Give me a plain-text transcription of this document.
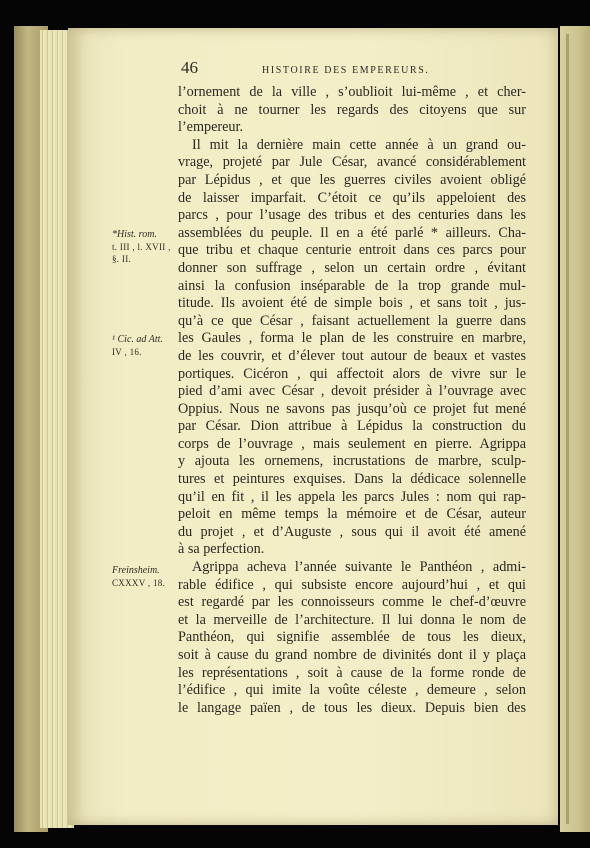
46	HISTOIRE DES EMPEREURS.
*Hist. rom.
t. III , l. XVII , §. II.
¹ Cic. ad Att.
IV , 16.
Freinsheim.
CXXXV , 18.
l’ornement de la ville , s’oublioit lui-même , et cher-
choit à ne tourner les regards des citoyens que sur
l’empereur.
Il mit la dernière main cette année à un grand ou-
vrage, projeté par Jule César, avancé considérablement
par Lépidus , et que les guerres civiles avoient obligé
de laisser imparfait. C’étoit ce qu’ils appeloient des
parcs , pour l’usage des tribus et des centuries dans les
assemblées du peuple. Il en a été parlé * ailleurs. Cha-
que tribu et chaque centurie entroit dans ces parcs pour
donner son suffrage , selon un certain ordre , évitant
ainsi la confusion inséparable de la trop grande mul-
titude. Ils avoient été de simple bois , et sans toit , jus-
qu’à ce que César , faisant actuellement la guerre dans
les Gaules , forma le plan de les construire en marbre,
de les couvrir, et d’élever tout autour de beaux et vastes
portiques. Cicéron , qui affectoit alors de vivre sur le
pied d’ami avec César , devoit présider à l’ouvrage avec
Oppius. Nous ne savons pas jusqu’où ce projet fut mené
par César. Dion attribue à Lépidus la construction du
corps de l’ouvrage , mais seulement en pierre. Agrippa
y ajouta les ornemens, incrustations de marbre, sculp-
tures et peintures exquises. Dans la dédicace solennelle
qu’il en fit , il les appela les parcs Jules : nom qui rap-
peloit en même temps la mémoire et de César, auteur
du projet , et d’Auguste , sous qui il avoit été amené
à sa perfection.
Agrippa acheva l’année suivante le Panthéon , admi-
rable édifice , qui subsiste encore aujourd’hui , et qui
est regardé par les connoisseurs comme le chef-d’œuvre
et la merveille de l’architecture. Il lui donna le nom de
Panthéon, qui signifie assemblée de tous les dieux,
soit à cause du grand nombre de divinités dont il y plaça
les représentations , soit à cause de la forme ronde de
l’édifice , qui imite la voûte céleste , demeure , selon
le langage païen , de tous les dieux. Depuis bien des
